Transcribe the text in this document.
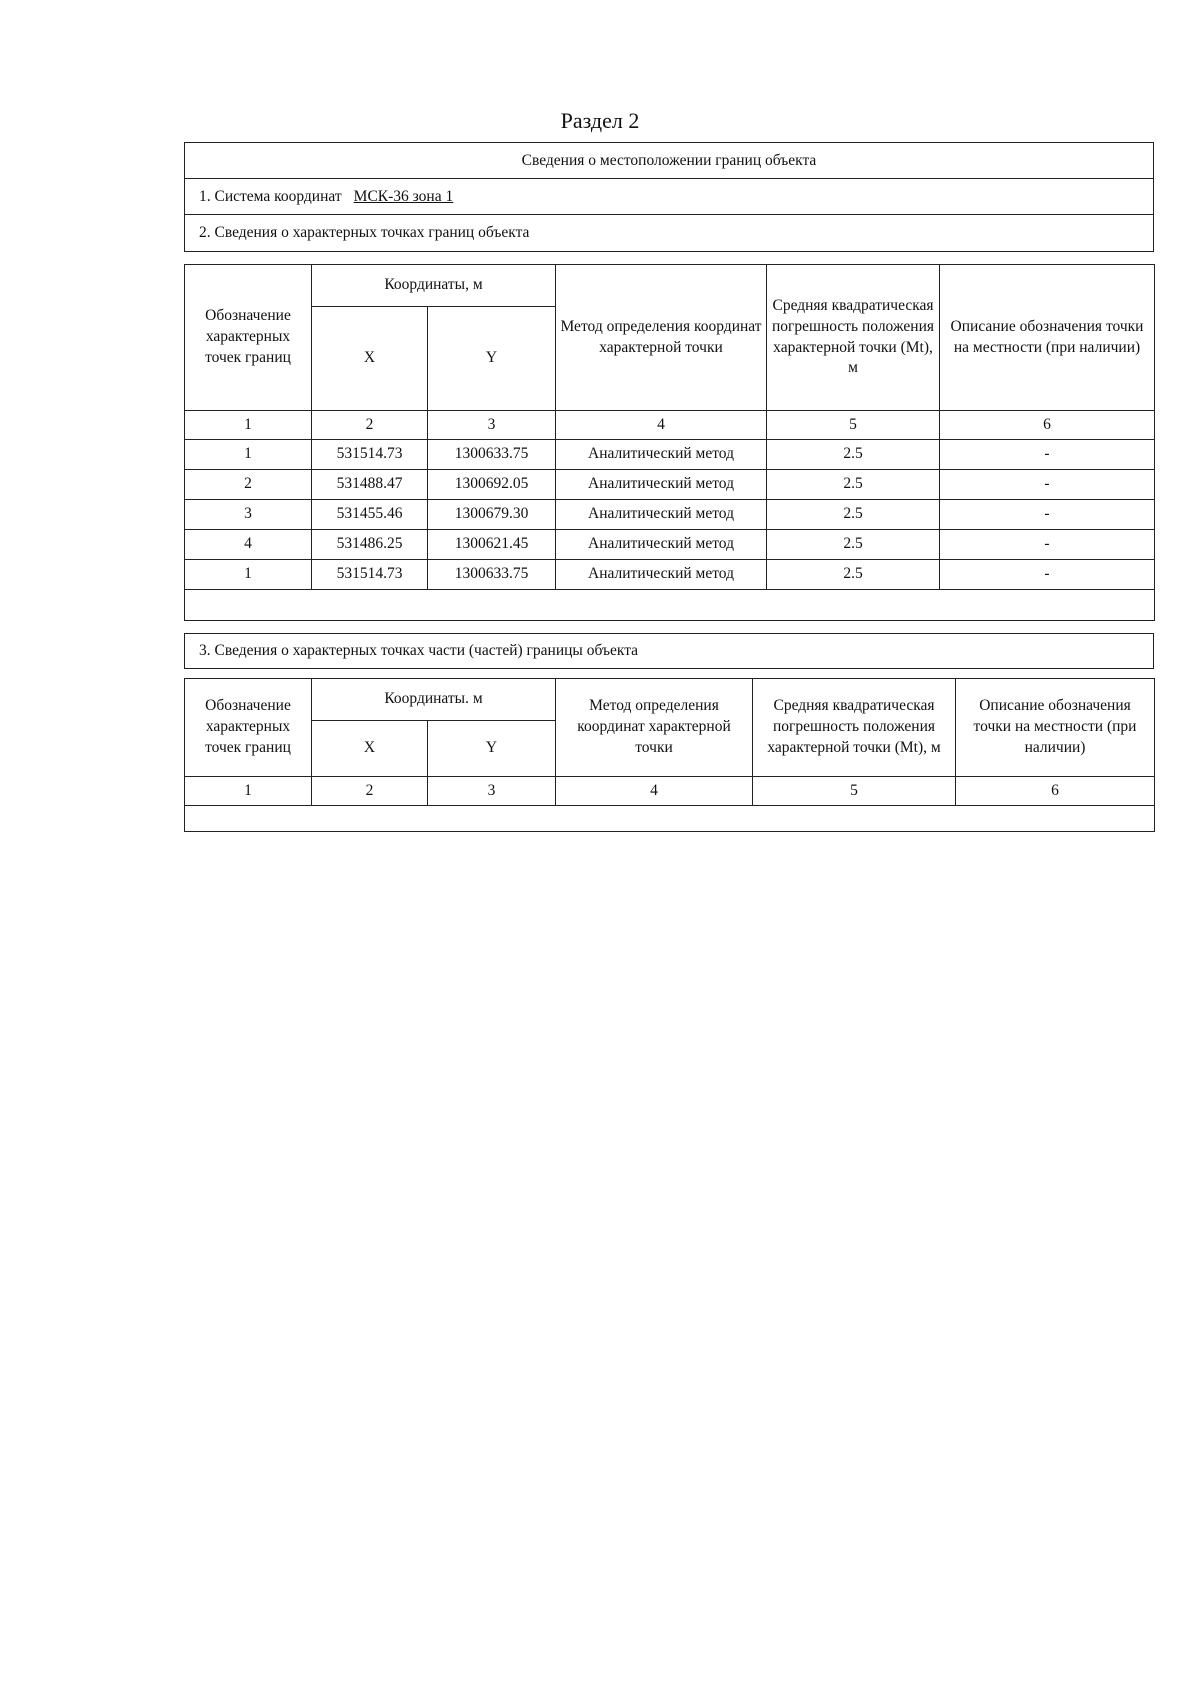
Раздел 2
Сведения о местоположении границ объекта
1. Система координат МСК-36 зона 1
2. Сведения о характерных точках границ объекта
Обозначение характерных точек границ	Координаты, м		Метод определения координат характерной точки	Средняя квадратическая погрешность положения характерной точки (Mt), м	Описание обозначения точки на местности (при наличии)
	X	Y			
1	2	3	4	5	6
1	531514.73	1300633.75	Аналитический метод	2.5	-
2	531488.47	1300692.05	Аналитический метод	2.5	-
3	531455.46	1300679.30	Аналитический метод	2.5	-
4	531486.25	1300621.45	Аналитический метод	2.5	-
1	531514.73	1300633.75	Аналитический метод	2.5	-

3. Сведения о характерных точках части (частей) границы объекта
Обозначение характерных точек границ	Координаты. м		Метод определения координат характерной точки	Средняя квадратическая погрешность положения характерной точки (Mt), м	Описание обозначения точки на местности (при наличии)
	X	Y			
1	2	3	4	5	6
